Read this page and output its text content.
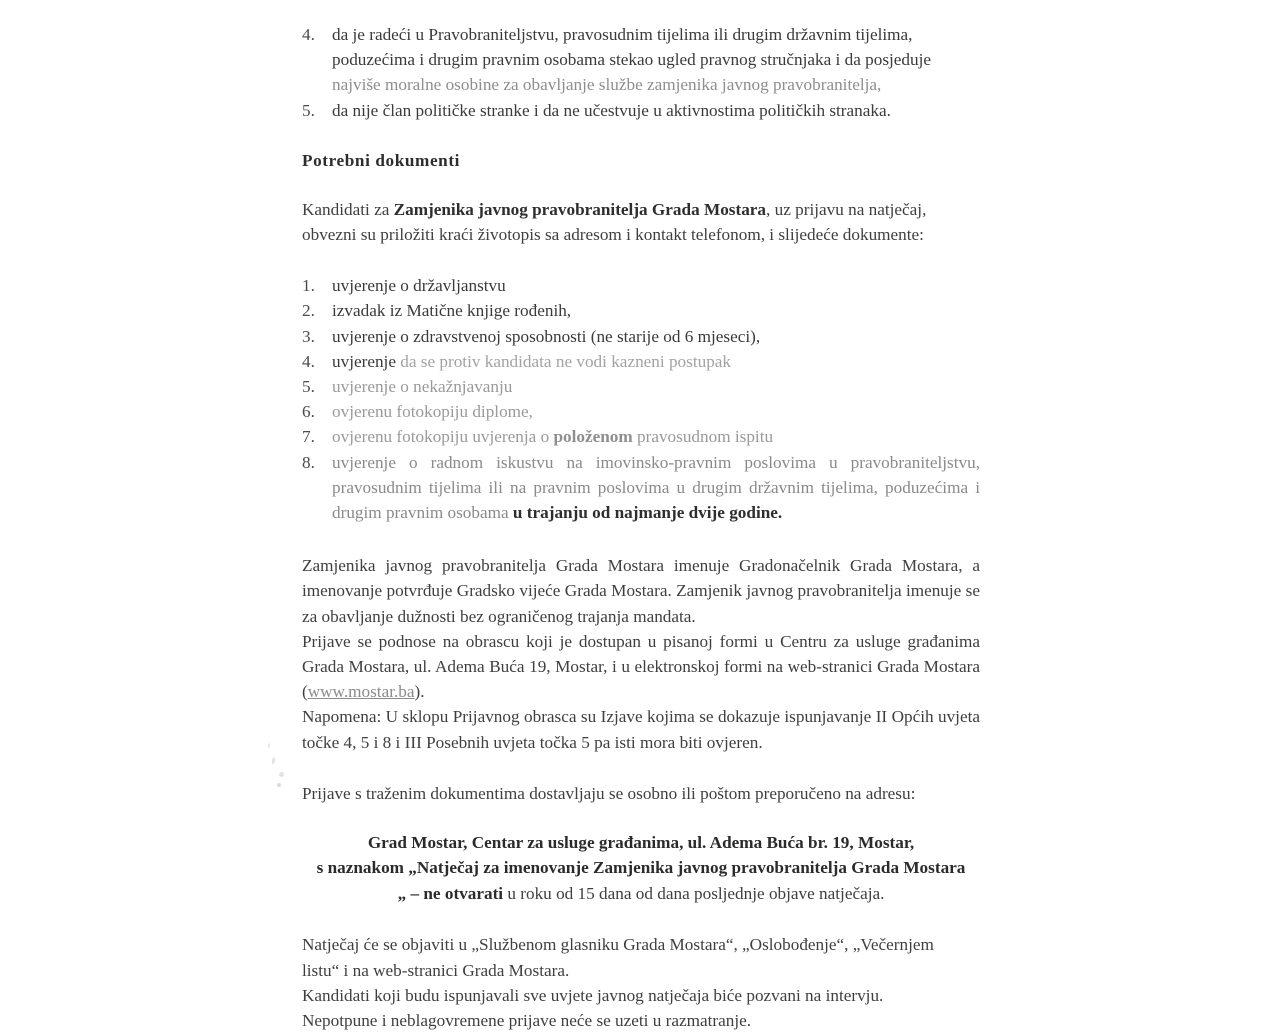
4. da je radeći u Pravobraniteljstvu, pravosudnim tijelima ili drugim državnim tijelima,
poduzećima i drugim pravnim osobama stekao ugled pravnog stručnjaka i da posjeduje
najviše moralne osobine za obavljanje službe zamjenika javnog pravobranitelja,
5. da nije član političke stranke i da ne učestvuje u aktivnostima političkih stranaka.
Potrebni dokumenti

Kandidati za Zamjenika javnog pravobranitelja Grada Mostara, uz prijavu na natječaj,
obvezni su priložiti kraći životopis sa adresom i kontakt telefonom, i slijedeće dokumente:

1. uvjerenje o državljanstvu
2. izvadak iz Matične knjige rođenih,
3. uvjerenje o zdravstvenoj sposobnosti (ne starije od 6 mjeseci),
4. uvjerenje da se protiv kandidata ne vodi kazneni postupak
5. uvjerenje o nekažnjavanju
6. ovjerenu fotokopiju diplome,
7. ovjerenu fotokopiju uvjerenja o položenom pravosudnom ispitu
8. uvjerenje o radnom iskustvu na imovinsko-pravnim poslovima u pravobraniteljstvu,
pravosudnim tijelima ili na pravnim poslovima u drugim državnim tijelima, poduzećima i
drugim pravnim osobama u trajanju od najmanje dvije godine.

Zamjenika javnog pravobranitelja Grada Mostara imenuje Gradonačelnik Grada Mostara, a imenovanje potvrđuje Gradsko vijeće Grada Mostara. Zamjenik javnog pravobranitelja imenuje se za obavljanje dužnosti bez ograničenog trajanja mandata.

Prijave se podnose na obrascu koji je dostupan u pisanoj formi u Centru za usluge građanima Grada Mostara, ul. Adema Buća 19, Mostar, i u elektronskoj formi na web-stranici Grada Mostara (www.mostar.ba).

Napomena: U sklopu Prijavnog obrasca su Izjave kojima se dokazuje ispunjavanje II Općih uvjeta točke 4, 5 i 8 i III Posebnih uvjeta točka 5 pa isti mora biti ovjeren.

Prijave s traženim dokumentima dostavljaju se osobno ili poštom preporučeno na adresu:

Grad Mostar, Centar za usluge građanima, ul. Adema Buća br. 19, Mostar,
s naznakom „Natječaj za imenovanje Zamjenika javnog pravobranitelja Grada Mostara
„ – ne otvarati u roku od 15 dana od dana posljednje objave natječaja.

Natječaj će se objaviti u „Službenom glasniku Grada Mostara“, „Oslobođenje“, „Večernjem
listu“ i na web-stranici Grada Mostara.

Kandidati koji budu ispunjavali sve uvjete javnog natječaja biće pozvani na intervju.

Nepotpune i neblagovremene prijave neće se uzeti u razmatranje.
